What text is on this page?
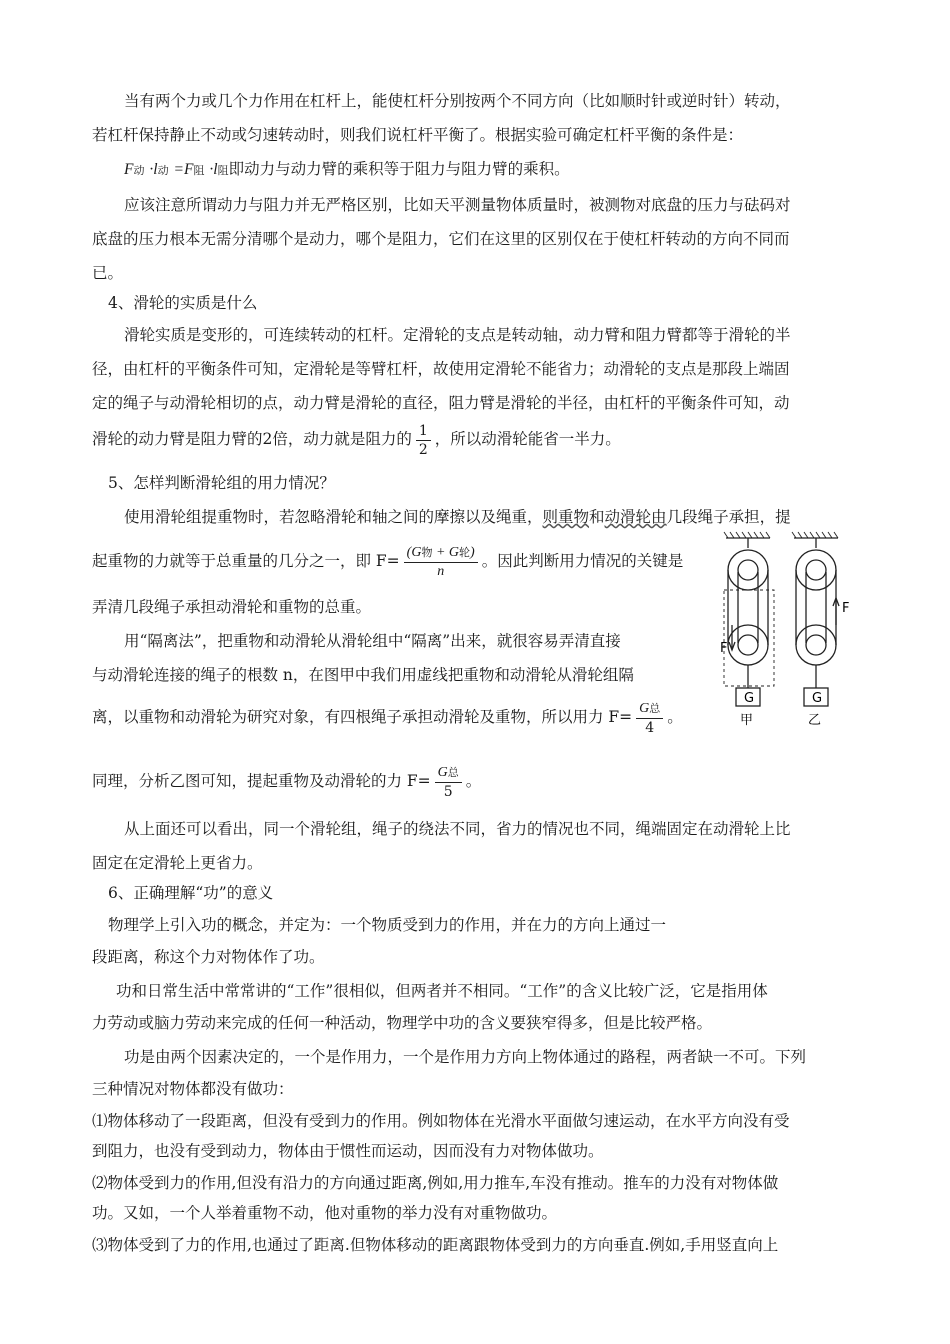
当有两个力或几个力作用在杠杆上，能使杠杆分别按两个不同方向（比如顺时针或逆时针）转动，
若杠杆保持静止不动或匀速转动时，则我们说杠杆平衡了。根据实验可确定杠杆平衡的条件是：
F动 ·l动 =F阻 ·l阻即动力与动力臂的乘积等于阻力与阻力臂的乘积。
应该注意所谓动力与阻力并无严格区别，比如天平测量物体质量时，被测物对底盘的压力与砝码对
底盘的压力根本无需分清哪个是动力，哪个是阻力，它们在这里的区别仅在于使杠杆转动的方向不同而
已。
4、滑轮的实质是什么
滑轮实质是变形的，可连续转动的杠杆。定滑轮的支点是转动轴，动力臂和阻力臂都等于滑轮的半
径，由杠杆的平衡条件可知，定滑轮是等臂杠杆，故使用定滑轮不能省力；动滑轮的支点是那段上端固
定的绳子与动滑轮相切的点，动力臂是滑轮的直径，阻力臂是滑轮的半径，由杠杆的平衡条件可知，动
滑轮的动力臂是阻力臂的2倍，动力就是阻力的 $\frac{1}{2}$ ，所以动滑轮能省一半力。
5、怎样判断滑轮组的用力情况？
使用滑轮组提重物时，若忽略滑轮和轴之间的摩擦以及绳重，则重物和动滑轮由几段绳子承担，提
起重物的力就等于总重量的几分之一，即 $F= \frac{\text{(G物 + G轮)}}{n}$ 。因此判断用力情况的关键是
弄清几段绳子承担动滑轮和重物的总重。
用“隔离法”，把重物和动滑轮从滑轮组中“隔离”出来，就很容易弄清直接
与动滑轮连接的绳子的根数 n，在图甲中我们用虚线把重物和动滑轮从滑轮组隔
离，以重物和动滑轮为研究对象，有四根绳子承担动滑轮及重物，所以用力 $F= \frac{\text{G总}}{4}$ 。
同理，分析乙图可知，提起重物及动滑轮的力 $F= \frac{\text{G总}}{5}$ 。
从上面还可以看出，同一个滑轮组，绳子的绕法不同，省力的情况也不同，绳端固定在动滑轮上比
固定在定滑轮上更省力。
F
F
G	G
甲	乙
6、正确理解“功”的意义
物理学上引入功的概念，并定为：一个物质受到力的作用，并在力的方向上通过一
段距离，称这个力对物体作了功。
功和日常生活中常常讲的“工作”很相似，但两者并不相同。“工作”的含义比较广泛，它是指用体
力劳动或脑力劳动来完成的任何一种活动，物理学中功的含义要狭窄得多，但是比较严格。
功是由两个因素决定的，一个是作用力，一个是作用力方向上物体通过的路程，两者缺一不可。下列
三种情况对物体都没有做功：
⑴物体移动了一段距离，但没有受到力的作用。例如物体在光滑水平面做匀速运动，在水平方向没有受
到阻力，也没有受到动力，物体由于惯性而运动，因而没有力对物体做功。
⑵物体受到力的作用,但没有沿力的方向通过距离,例如,用力推车,车没有推动。推车的力没有对物体做
功。又如，一个人举着重物不动，他对重物的举力没有对重物做功。
⑶物体受到了力的作用,也通过了距离.但物体移动的距离跟物体受到力的方向垂直.例如,手用竖直向上
